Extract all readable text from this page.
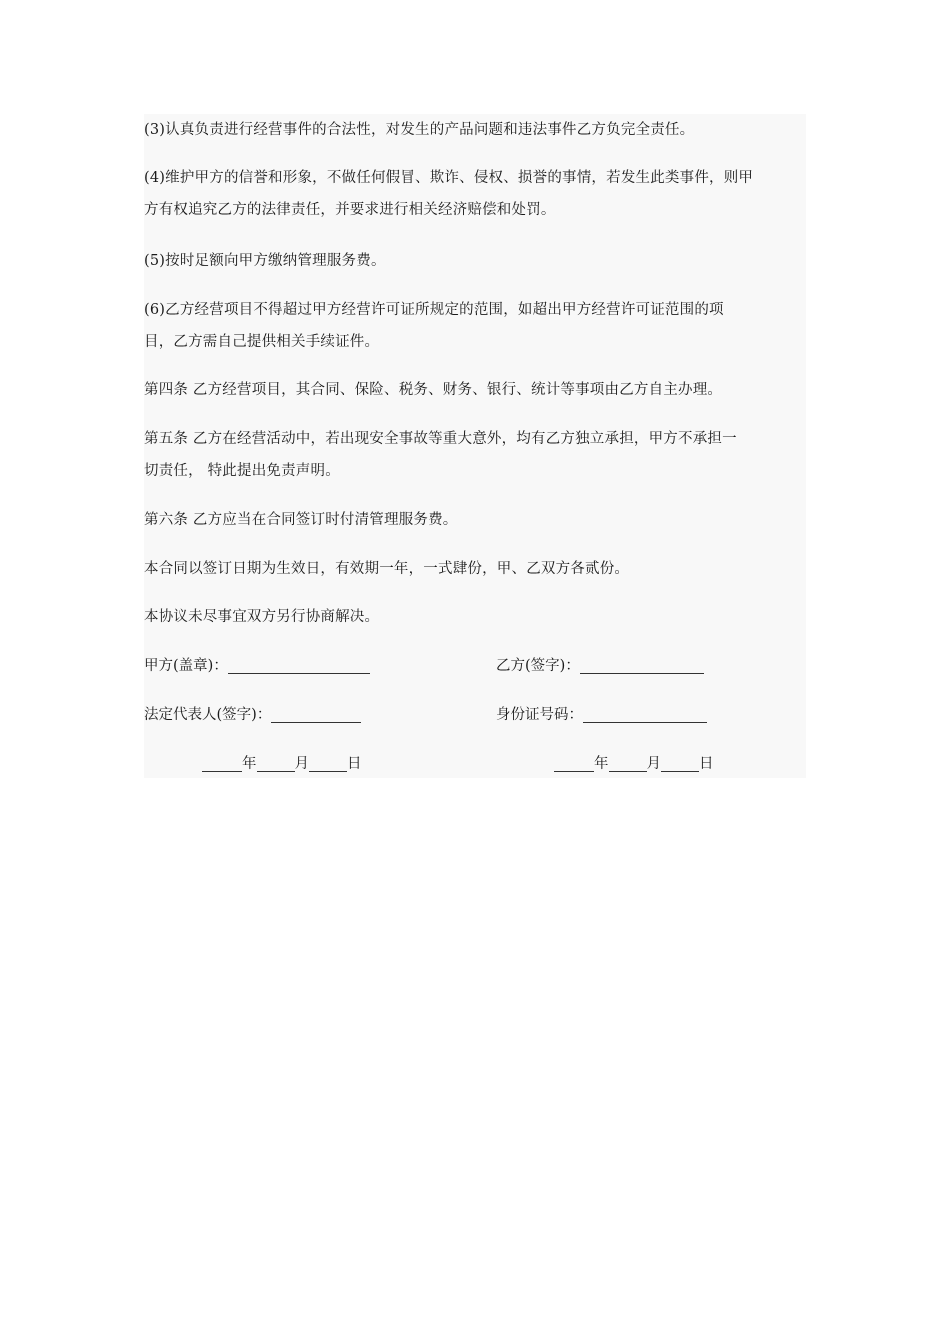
(3)认真负责进行经营事件的合法性，对发生的产品问题和违法事件乙方负完全责任。
(4)维护甲方的信誉和形象，不做任何假冒、欺诈、侵权、损誉的事情，若发生此类事件，则甲
方有权追究乙方的法律责任，并要求进行相关经济赔偿和处罚。
(5)按时足额向甲方缴纳管理服务费。
(6)乙方经营项目不得超过甲方经营许可证所规定的范围，如超出甲方经营许可证范围的项
目，乙方需自己提供相关手续证件。
第四条 乙方经营项目，其合同、保险、税务、财务、银行、统计等事项由乙方自主办理。
第五条 乙方在经营活动中，若出现安全事故等重大意外，均有乙方独立承担，甲方不承担一
切责任， 特此提出免责声明。
第六条 乙方应当在合同签订时付清管理服务费。
本合同以签订日期为生效日，有效期一年，一式肆份，甲、乙双方各贰份。
本协议未尽事宜双方另行协商解决。
甲方(盖章)：	乙方(签字)：
法定代表人(签字)：	身份证号码：
年	月	日	年	月	日
